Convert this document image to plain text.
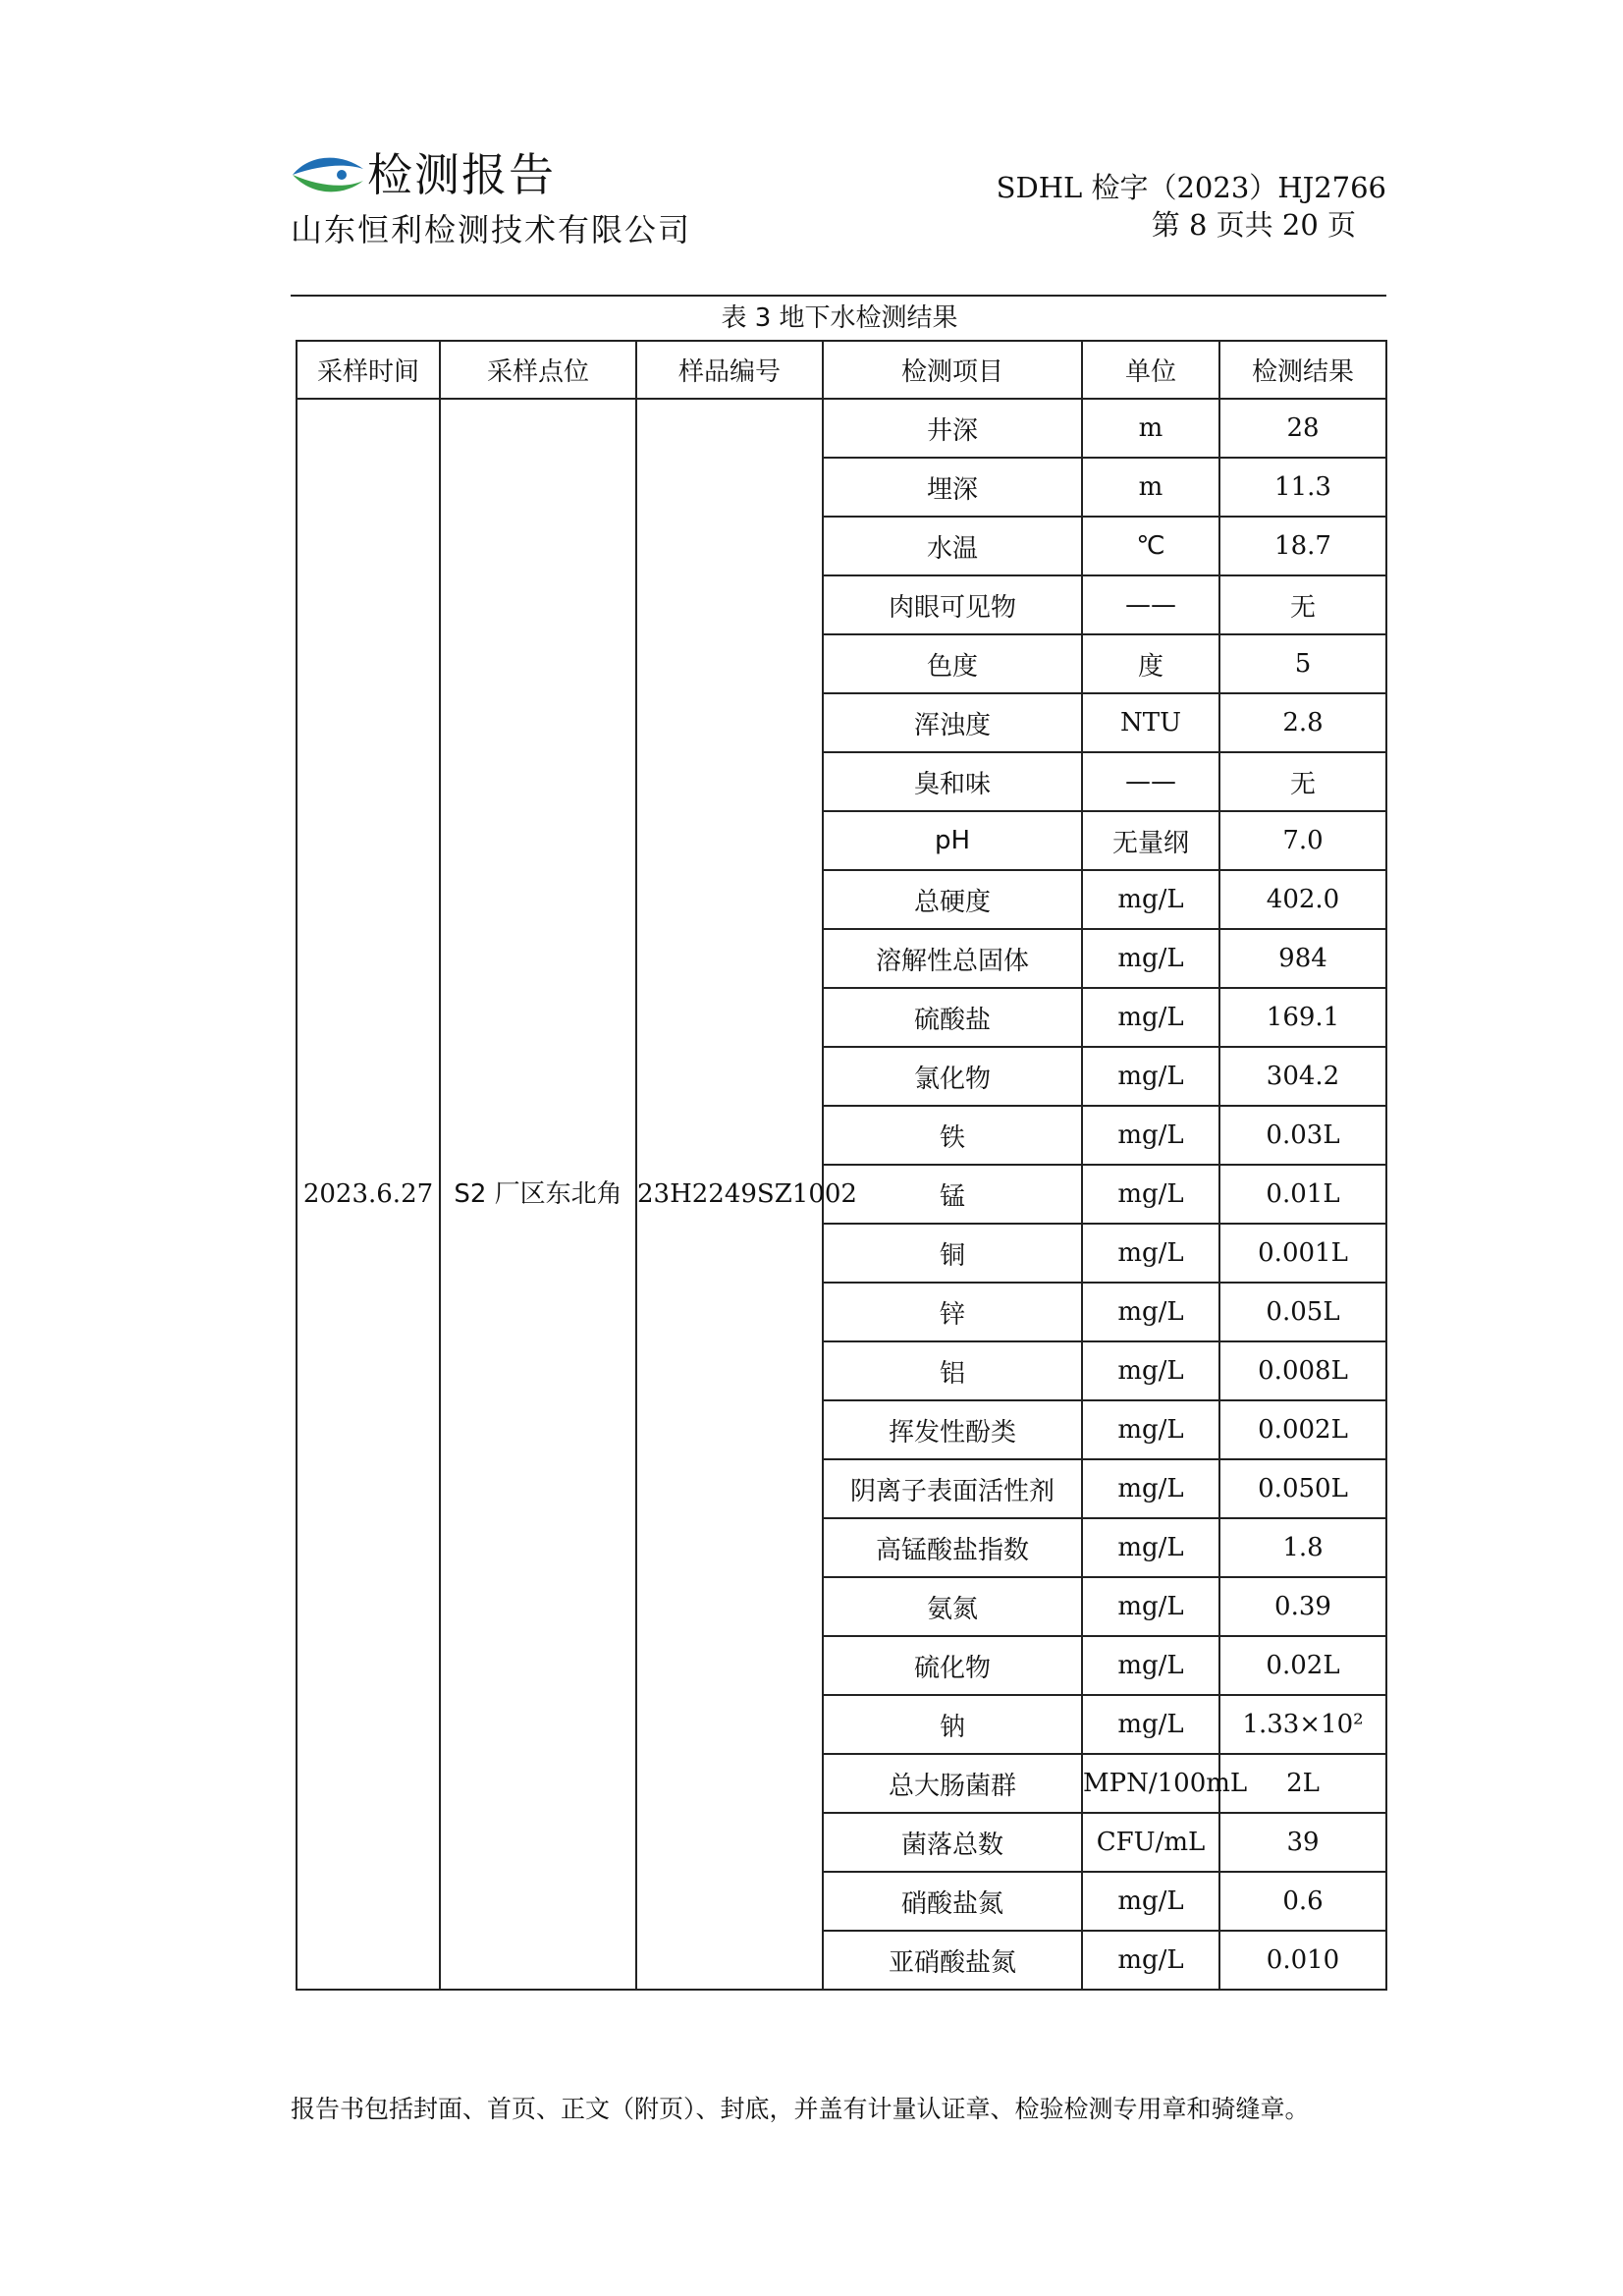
检测报告
山东恒利检测技术有限公司
SDHL 检字（2023）HJ2766
第 8 页共 20 页
表 3 地下水检测结果
采样时间	采样点位	样品编号	检测项目	单位	检测结果
2023.6.27	S2 厂区东北角	23H2249SZ1002	井深	m	28
			埋深	m	11.3
			水温	℃	18.7
			肉眼可见物	——	无
			色度	度	5
			浑浊度	NTU	2.8
			臭和味	——	无
			pH	无量纲	7.0
			总硬度	mg/L	402.0
			溶解性总固体	mg/L	984
			硫酸盐	mg/L	169.1
			氯化物	mg/L	304.2
			铁	mg/L	0.03L
			锰	mg/L	0.01L
			铜	mg/L	0.001L
			锌	mg/L	0.05L
			铝	mg/L	0.008L
			挥发性酚类	mg/L	0.002L
			阴离子表面活性剂	mg/L	0.050L
			高锰酸盐指数	mg/L	1.8
			氨氮	mg/L	0.39
			硫化物	mg/L	0.02L
			钠	mg/L	1.33×10²
			总大肠菌群	MPN/100mL	2L
			菌落总数	CFU/mL	39
			硝酸盐氮	mg/L	0.6
			亚硝酸盐氮	mg/L	0.010
报告书包括封面、首页、正文（附页）、封底，并盖有计量认证章、检验检测专用章和骑缝章。
